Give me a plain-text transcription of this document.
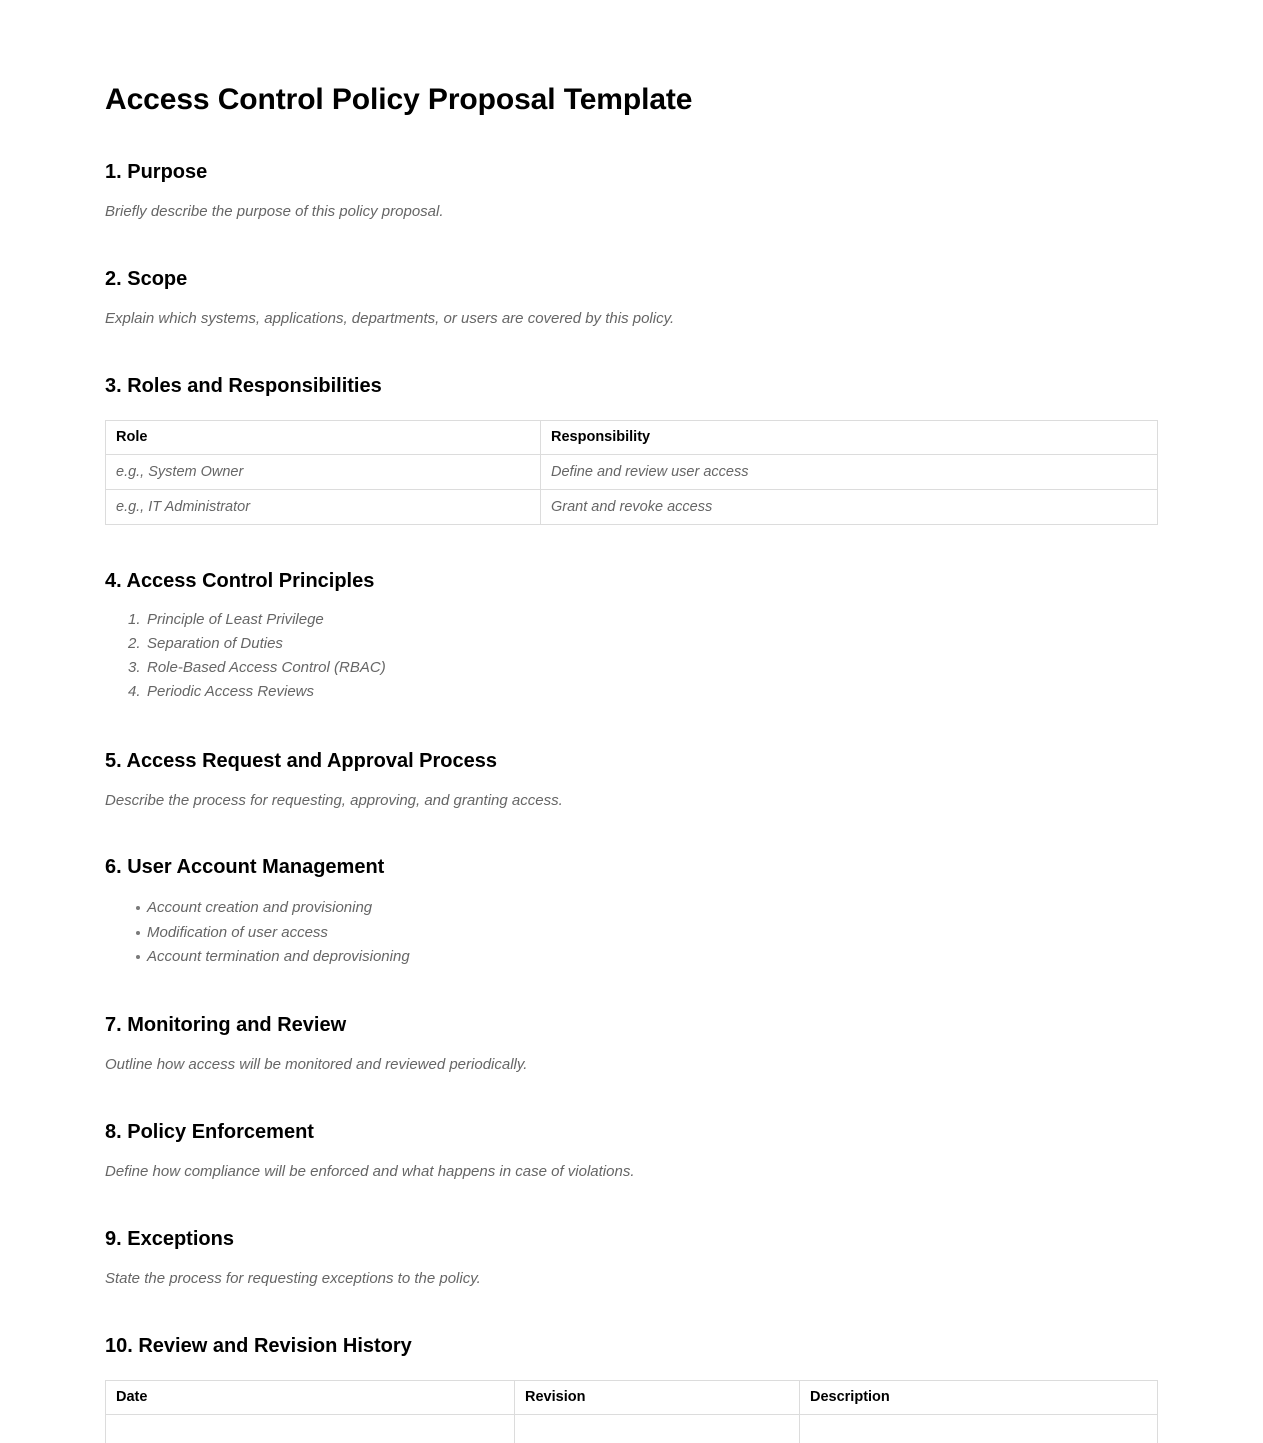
Access Control Policy Proposal Template
1. Purpose

Briefly describe the purpose of this policy proposal.

2. Scope

Explain which systems, applications, departments, or users are covered by this policy.

3. Roles and Responsibilities
Role	Responsibility
e.g., System Owner	Define and review user access
e.g., IT Administrator	Grant and revoke access
4. Access Control Principles
Principle of Least Privilege
Separation of Duties
Role-Based Access Control (RBAC)
Periodic Access Reviews
5. Access Request and Approval Process

Describe the process for requesting, approving, and granting access.

6. User Account Management
Account creation and provisioning
Modification of user access
Account termination and deprovisioning
7. Monitoring and Review

Outline how access will be monitored and reviewed periodically.

8. Policy Enforcement

Define how compliance will be enforced and what happens in case of violations.

9. Exceptions

State the process for requesting exceptions to the policy.

10. Review and Revision History
Date	Revision	Description
